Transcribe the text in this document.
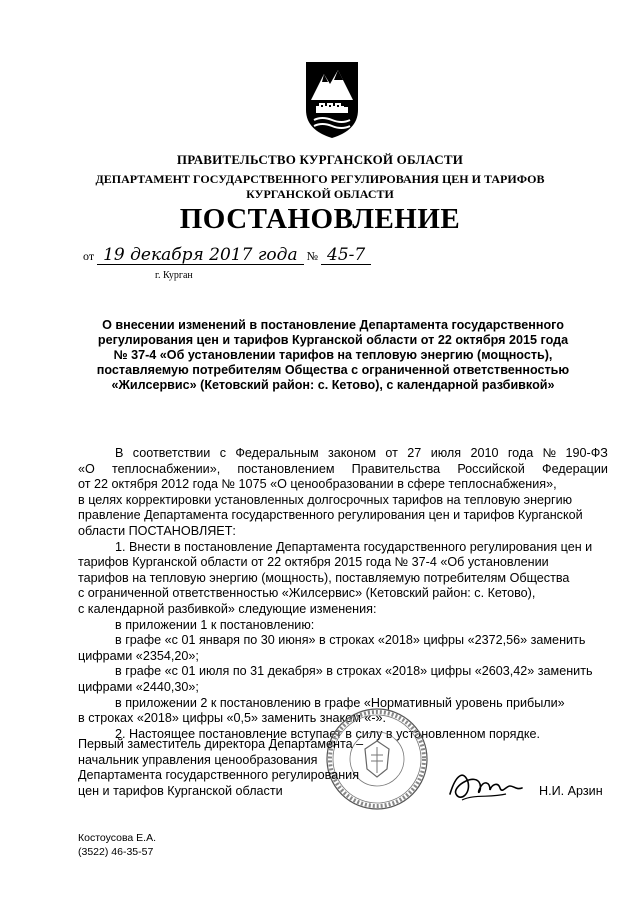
ПРАВИТЕЛЬСТВО КУРГАНСКОЙ ОБЛАСТИ
ДЕПАРТАМЕНТ ГОСУДАРСТВЕННОГО РЕГУЛИРОВАНИЯ ЦЕН И ТАРИФОВ
КУРГАНСКОЙ ОБЛАСТИ
ПОСТАНОВЛЕНИЕ
от 19 декабря 2017 года № 45-7
г. Курган
О внесении изменений в постановление Департамента государственного
регулирования цен и тарифов Курганской области от 22 октября 2015 года
№ 37-4 «Об установлении тарифов на тепловую энергию (мощность),
поставляемую потребителям Общества с ограниченной ответственностью
«Жилсервис» (Кетовский район: с. Кетово), с календарной разбивкой»
В соответствии с Федеральным законом от 27 июля 2010 года № 190-ФЗ
«О теплоснабжении», постановлением Правительства Российской Федерации
от 22 октября 2012 года № 1075 «О ценообразовании в сфере теплоснабжения»,
в целях корректировки установленных долгосрочных тарифов на тепловую энергию
правление Департамента государственного регулирования цен и тарифов Курганской
области ПОСТАНОВЛЯЕТ:
1. Внести в постановление Департамента государственного регулирования цен и
тарифов Курганской области от 22 октября 2015 года № 37-4 «Об установлении
тарифов на тепловую энергию (мощность), поставляемую потребителям Общества
с ограниченной ответственностью «Жилсервис» (Кетовский район: с. Кетово),
с календарной разбивкой» следующие изменения:
в приложении 1 к постановлению:
в графе «с 01 января по 30 июня» в строках «2018» цифры «2372,56» заменить
цифрами «2354,20»;
в графе «с 01 июля по 31 декабря» в строках «2018» цифры «2603,42» заменить
цифрами «2440,30»;
в приложении 2 к постановлению в графе «Нормативный уровень прибыли»
в строках «2018» цифры «0,5» заменить знаком «-».
2. Настоящее постановление вступает в силу в установленном порядке.
Первый заместитель директора Департамента –
начальник управления ценообразования
Департамента государственного регулирования
цен и тарифов Курганской области	Н.И. Арзин
Костоусова Е.А.
(3522) 46-35-57
